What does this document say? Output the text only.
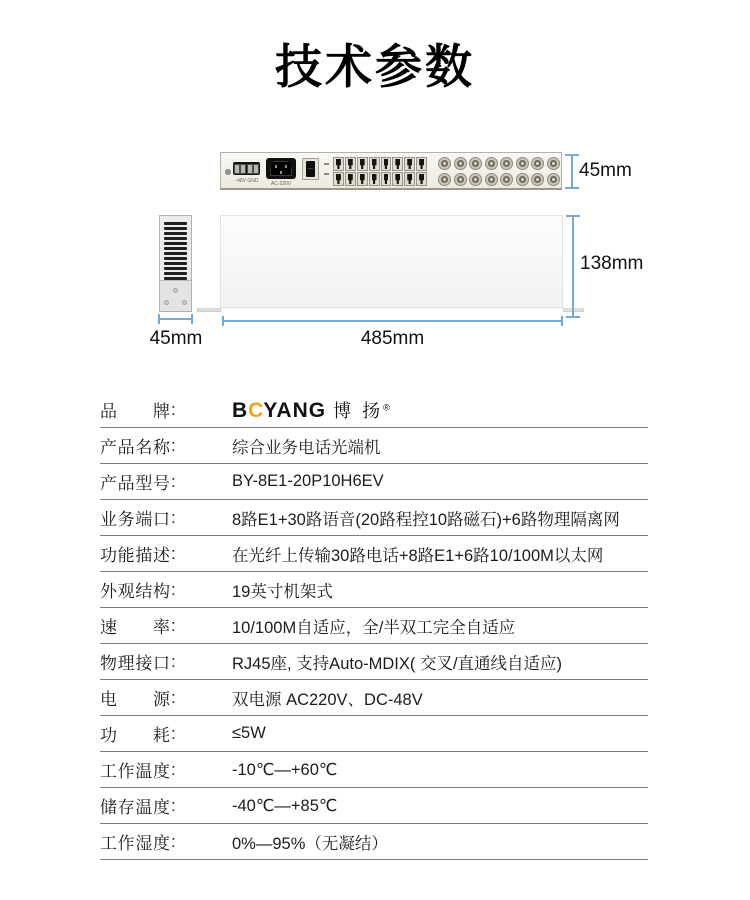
技术参数
-48V GND	AC-220V
45mm
138mm
485mm
45mm
品牌 :	BCYANG 博 扬®
产品名称 :	综合业务电话光端机
产品型号 :	BY-8E1-20P10H6EV
业务端口 :	8路E1+30路语音(20路程控10路磁石)+6路物理隔离网
功能描述 :	在光纤上传输30路电话+8路E1+6路10/100M以太网
外观结构 :	19英寸机架式
速率 :	10/100M自适应，全/半双工完全自适应
物理接口 :	RJ45座, 支持Auto-MDIX( 交叉/直通线自适应)
电源 :	双电源 AC220V、DC-48V
功耗 :	≤5W
工作温度 :	-10℃—+60℃
储存温度 :	-40℃—+85℃
工作湿度 :	0%—95%（无凝结）
